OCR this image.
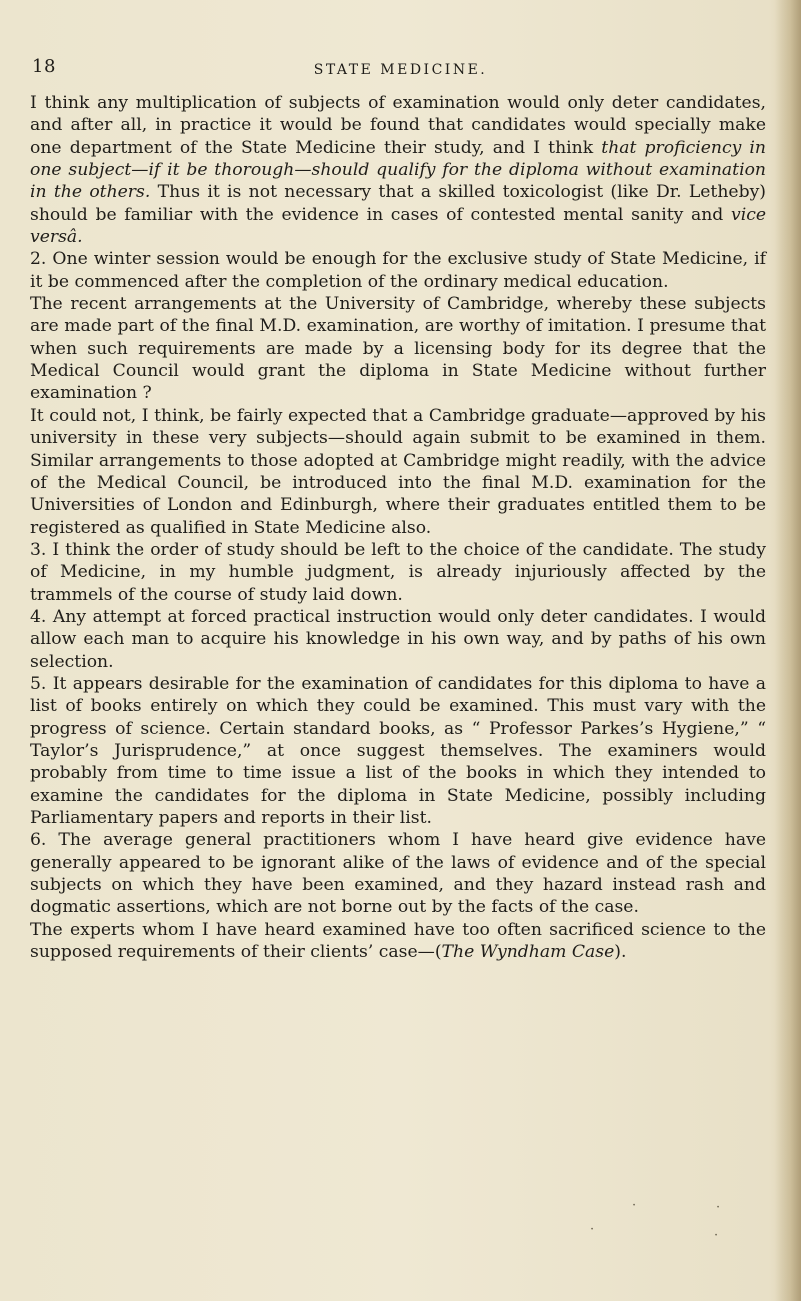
18	STATE MEDICINE.

I think any multiplication of subjects of examination would only deter candidates, and after all, in practice it would be found that candidates would specially make one department of the State Medicine their study, and I think that proficiency in one subject—if it be thorough—should qualify for the diploma without examination in the others. Thus it is not necessary that a skilled toxicologist (like Dr. Letheby) should be familiar with the evidence in cases of contested mental sanity and vice versâ.

2. One winter session would be enough for the exclusive study of State Medicine, if it be commenced after the completion of the ordinary medical education.

The recent arrangements at the University of Cambridge, whereby these subjects are made part of the final M.D. examination, are worthy of imitation. I presume that when such requirements are made by a licensing body for its degree that the Medical Council would grant the diploma in State Medicine without further examination ?

It could not, I think, be fairly expected that a Cambridge graduate—approved by his university in these very subjects—should again submit to be examined in them. Similar arrangements to those adopted at Cambridge might readily, with the advice of the Medical Council, be introduced into the final M.D. examination for the Universities of London and Edinburgh, where their graduates entitled them to be registered as qualified in State Medicine also.

3. I think the order of study should be left to the choice of the candidate. The study of Medicine, in my humble judgment, is already injuriously affected by the trammels of the course of study laid down.

4. Any attempt at forced practical instruction would only deter candidates. I would allow each man to acquire his knowledge in his own way, and by paths of his own selection.

5. It appears desirable for the examination of candidates for this diploma to have a list of books entirely on which they could be examined. This must vary with the progress of science. Certain standard books, as “ Professor Parkes’s Hygiene,” “ Taylor’s Jurisprudence,” at once suggest themselves. The examiners would probably from time to time issue a list of the books in which they intended to examine the candidates for the diploma in State Medicine, possibly including Parliamentary papers and reports in their list.

6. The average general practitioners whom I have heard give evidence have generally appeared to be ignorant alike of the laws of evidence and of the special subjects on which they have been examined, and they hazard instead rash and dogmatic assertions, which are not borne out by the facts of the case.

The experts whom I have heard examined have too often sacrificed science to the supposed requirements of their clients’ case—(The Wyndham Case).

·	·
·	·
